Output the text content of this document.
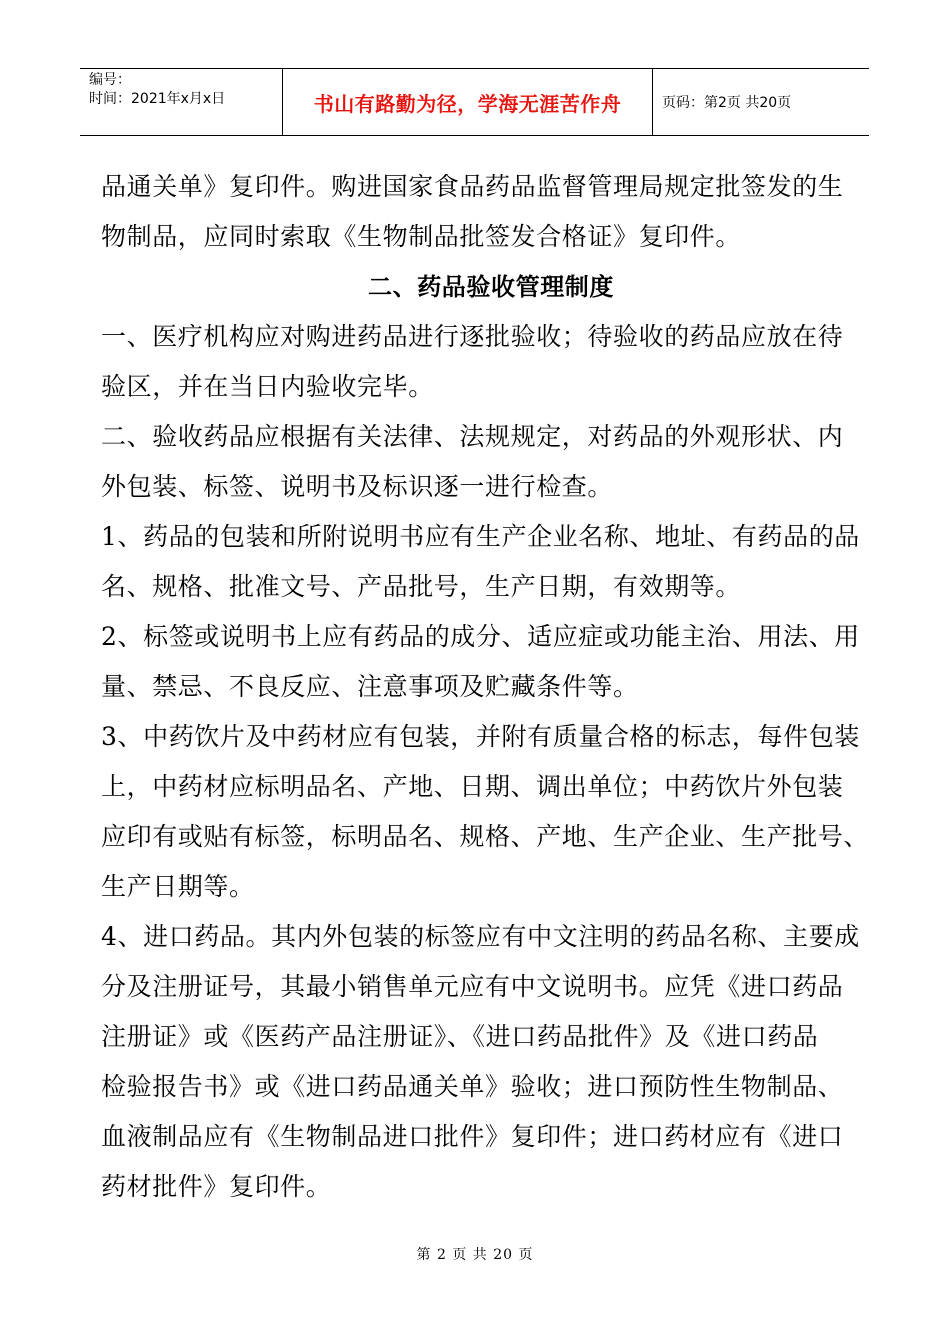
编号：
时间：2021年x月x日	书山有路勤为径，学海无涯苦作舟	页码：第2页 共20页
品通关单》复印件。购进国家食品药品监督管理局规定批签发的生
物制品，应同时索取《生物制品批签发合格证》复印件。
二、药品验收管理制度
一、医疗机构应对购进药品进行逐批验收；待验收的药品应放在待
验区，并在当日内验收完毕。
二、验收药品应根据有关法律、法规规定，对药品的外观形状、内
外包装、标签、说明书及标识逐一进行检查。
1、药品的包装和所附说明书应有生产企业名称、地址、有药品的品
名、规格、批准文号、产品批号，生产日期，有效期等。
2、标签或说明书上应有药品的成分、适应症或功能主治、用法、用
量、禁忌、不良反应、注意事项及贮藏条件等。
3、中药饮片及中药材应有包装，并附有质量合格的标志，每件包装
上，中药材应标明品名、产地、日期、调出单位；中药饮片外包装
应印有或贴有标签，标明品名、规格、产地、生产企业、生产批号、
生产日期等。
4、进口药品。其内外包装的标签应有中文注明的药品名称、主要成
分及注册证号，其最小销售单元应有中文说明书。应凭《进口药品
注册证》或《医药产品注册证》、《进口药品批件》及《进口药品
检验报告书》或《进口药品通关单》验收；进口预防性生物制品、
血液制品应有《生物制品进口批件》复印件；进口药材应有《进口
药材批件》复印件。
第 2 页 共 20 页
